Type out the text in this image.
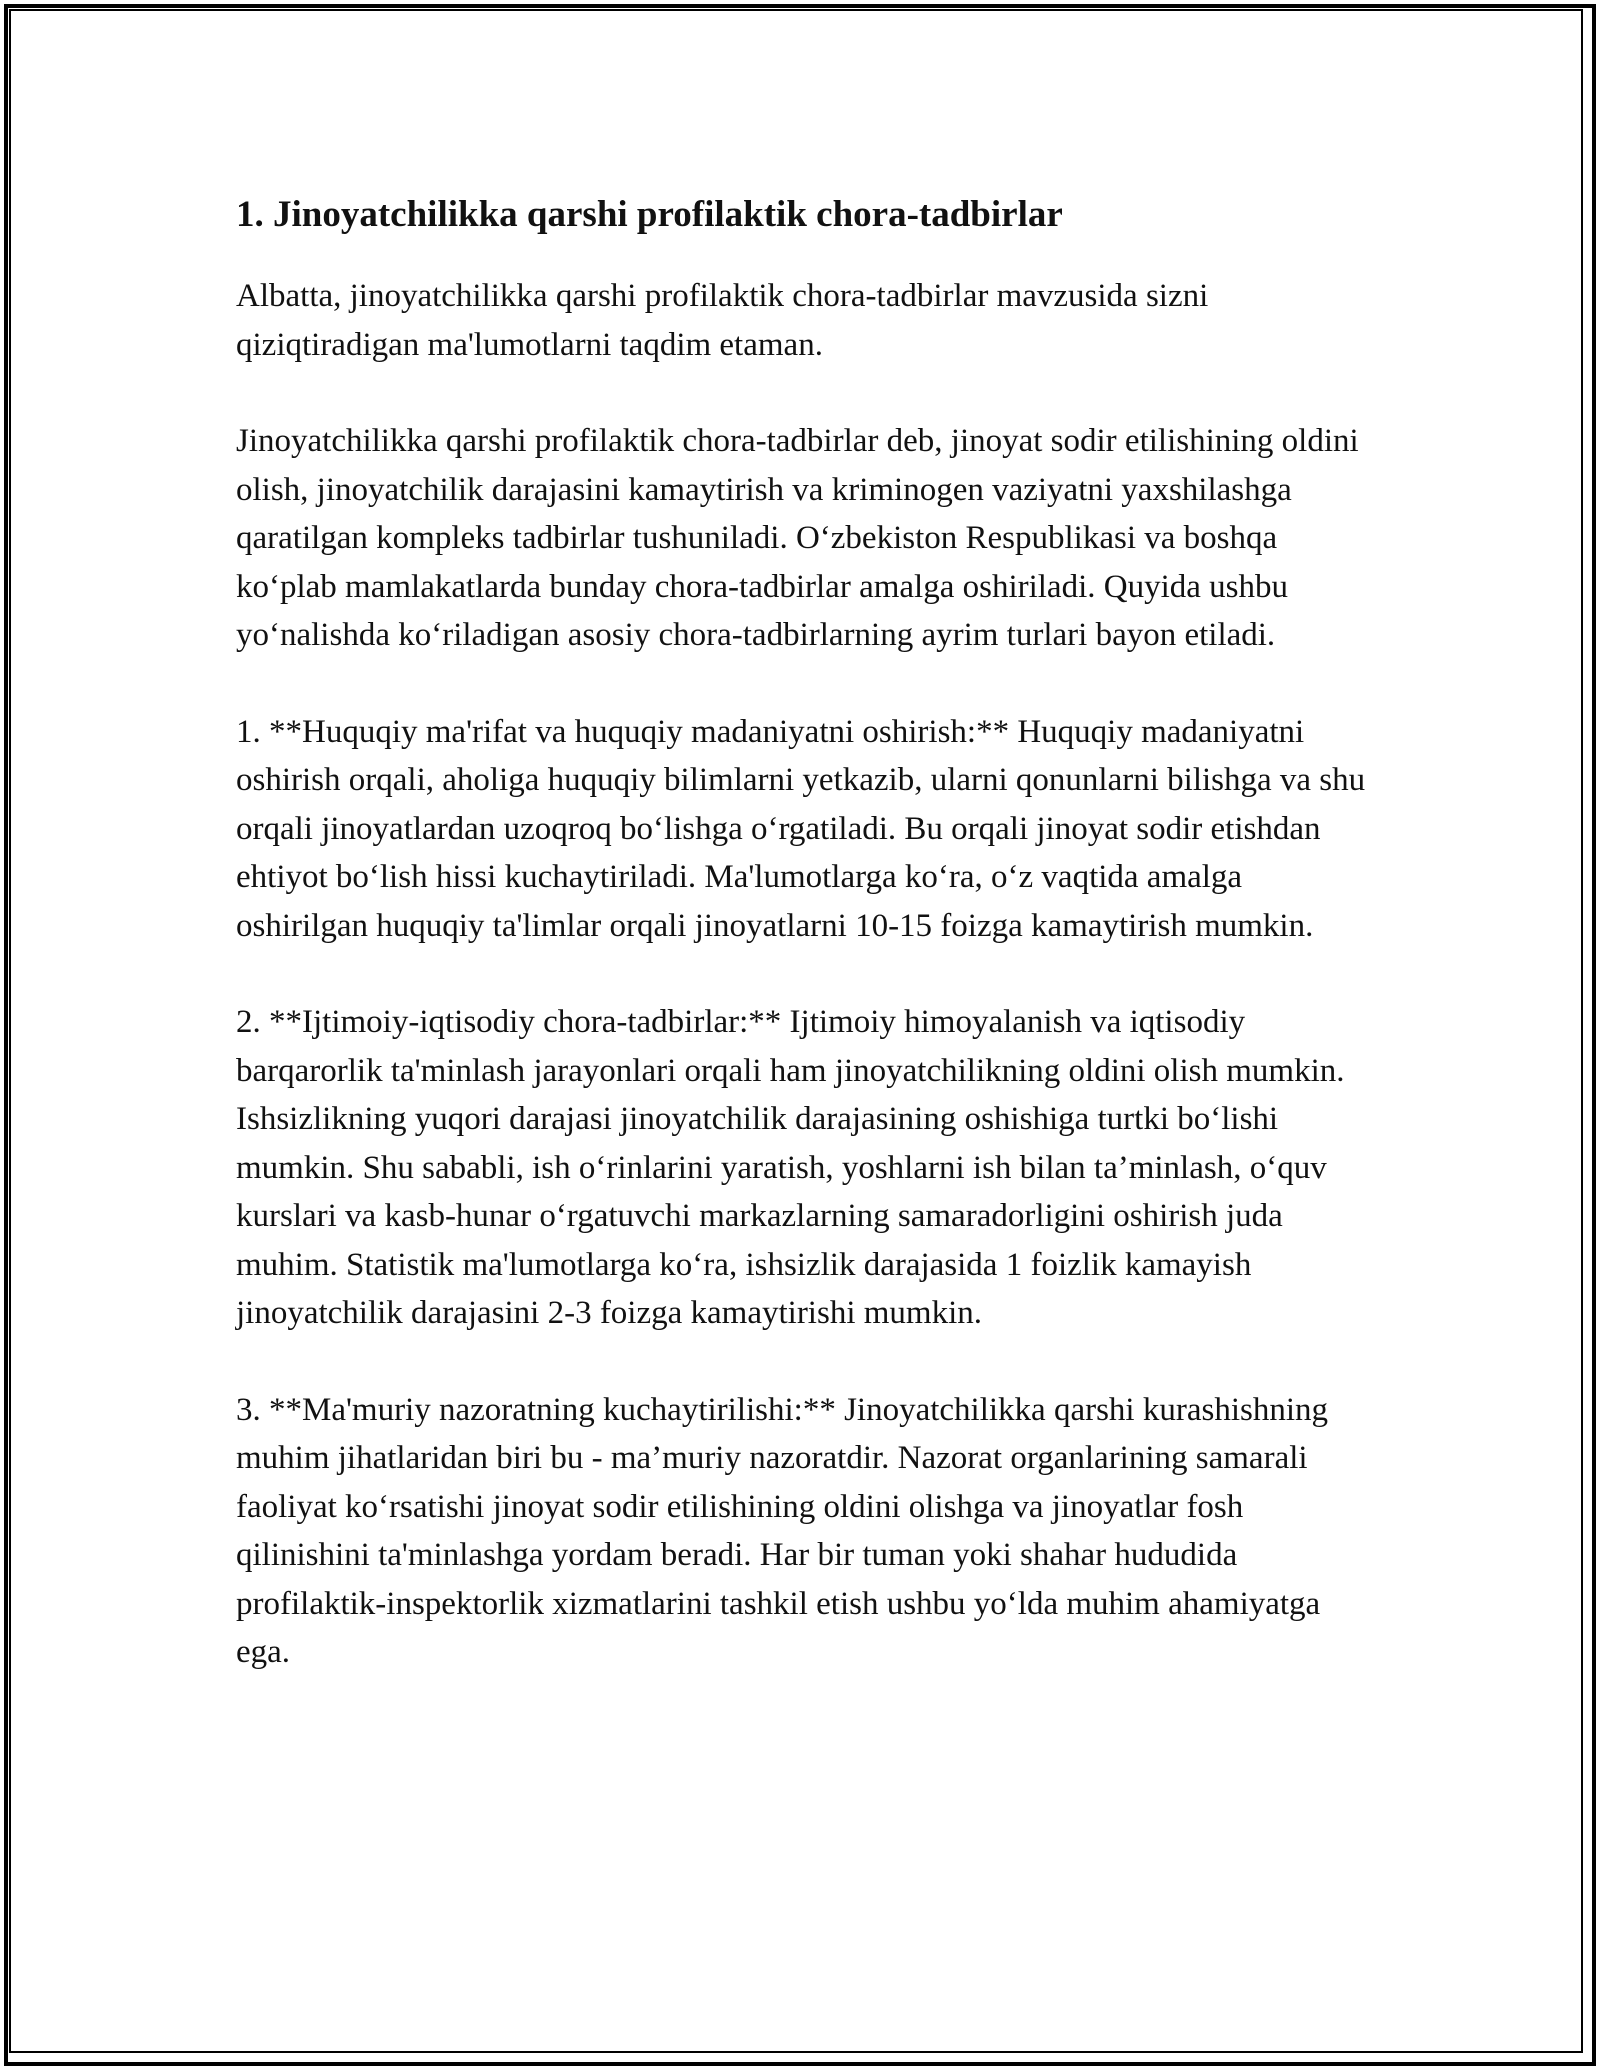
1. Jinoyatchilikka qarshi profilaktik chora-tadbirlar

Albatta, jinoyatchilikka qarshi profilaktik chora-tadbirlar mavzusida sizni qiziqtiradigan ma'lumotlarni taqdim etaman.

Jinoyatchilikka qarshi profilaktik chora-tadbirlar deb, jinoyat sodir etilishining oldini olish, jinoyatchilik darajasini kamaytirish va kriminogen vaziyatni yaxshilashga qaratilgan kompleks tadbirlar tushuniladi. O‘zbekiston Respublikasi va boshqa ko‘plab mamlakatlarda bunday chora-tadbirlar amalga oshiriladi. Quyida ushbu yo‘nalishda ko‘riladigan asosiy chora-tadbirlarning ayrim turlari bayon etiladi.

1. **Huquqiy ma'rifat va huquqiy madaniyatni oshirish:** Huquqiy madaniyatni oshirish orqali, aholiga huquqiy bilimlarni yetkazib, ularni qonunlarni bilishga va shu orqali jinoyatlardan uzoqroq bo‘lishga o‘rgatiladi. Bu orqali jinoyat sodir etishdan ehtiyot bo‘lish hissi kuchaytiriladi. Ma'lumotlarga ko‘ra, o‘z vaqtida amalga oshirilgan huquqiy ta'limlar orqali jinoyatlarni 10-15 foizga kamaytirish mumkin.

2. **Ijtimoiy-iqtisodiy chora-tadbirlar:** Ijtimoiy himoyalanish va iqtisodiy barqarorlik ta'minlash jarayonlari orqali ham jinoyatchilikning oldini olish mumkin. Ishsizlikning yuqori darajasi jinoyatchilik darajasining oshishiga turtki bo‘lishi mumkin. Shu sababli, ish o‘rinlarini yaratish, yoshlarni ish bilan ta’minlash, o‘quv kurslari va kasb-hunar o‘rgatuvchi markazlarning samaradorligini oshirish juda muhim. Statistik ma'lumotlarga ko‘ra, ishsizlik darajasida 1 foizlik kamayish jinoyatchilik darajasini 2-3 foizga kamaytirishi mumkin.

3. **Ma'muriy nazoratning kuchaytirilishi:** Jinoyatchilikka qarshi kurashishning muhim jihatlaridan biri bu - ma’muriy nazoratdir. Nazorat organlarining samarali faoliyat ko‘rsatishi jinoyat sodir etilishining oldini olishga va jinoyatlar fosh qilinishini ta'minlashga yordam beradi. Har bir tuman yoki shahar hududida profilaktik-inspektorlik xizmatlarini tashkil etish ushbu yo‘lda muhim ahamiyatga ega.
